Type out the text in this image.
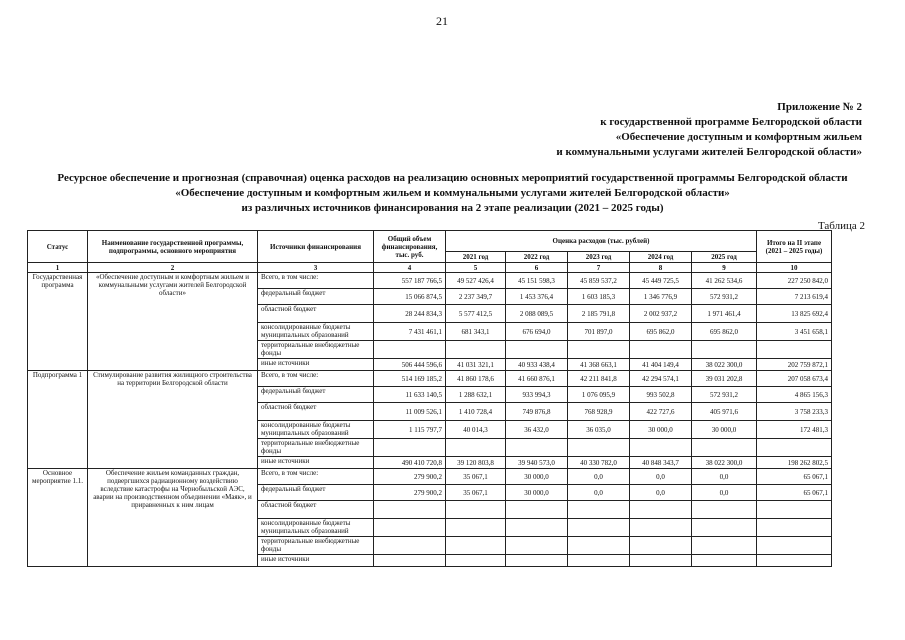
21
Приложение № 2
к государственной программе Белгородской области
«Обеспечение доступным и комфортным жильем
и коммунальными услугами жителей Белгородской области»
Ресурсное обеспечение и прогнозная (справочная) оценка расходов на реализацию основных мероприятий государственной программы Белгородской области
«Обеспечение доступным и комфортным жильем и коммунальными услугами жителей Белгородской области»
из различных источников финансирования на 2 этапе реализации (2021 – 2025 годы)
Таблица 2
Статус	Наименование государственной программы, подпрограммы, основного мероприятия	Источники финансирования	Общий объем финансирования, тыс. руб.	Оценка расходов (тыс. рублей)					Итого на II этапе (2021 – 2025 годы)
				2021 год	2022 год	2023 год	2024 год	2025 год	
1	2	3	4	5	6	7	8	9	10
Государственная программа	«Обеспечение доступным и комфортным жильем и коммунальными услугами жителей Белгородской области»	Всего, в том числе:	557 187 766,5	49 527 426,4	45 151 598,3	45 859 537,2	45 449 725,5	41 262 534,6	227 250 842,0
		федеральный бюджет	15 066 874,5	2 237 349,7	1 453 376,4	1 603 185,3	1 346 776,9	572 931,2	7 213 619,4
		областной бюджет	28 244 834,3	5 577 412,5	2 088 089,5	2 185 791,8	2 002 937,2	1 971 461,4	13 825 692,4
		консолидированные бюджеты муниципальных образований	7 431 461,1	681 343,1	676 694,0	701 897,0	695 862,0	695 862,0	3 451 658,1
		территориальные внебюджетные фонды							
		иные источники	506 444 596,6	41 031 321,1	40 933 438,4	41 368 663,1	41 404 149,4	38 022 300,0	202 759 872,1
Подпрограмма 1	Стимулирование развития жилищного строительства на территории Белгородской области	Всего, в том числе:	514 169 185,2	41 860 178,6	41 660 876,1	42 211 841,8	42 294 574,1	39 031 202,8	207 058 673,4
		федеральный бюджет	11 633 140,5	1 288 632,1	933 994,3	1 076 095,9	993 502,8	572 931,2	4 865 156,3
		областной бюджет	11 009 526,1	1 410 728,4	749 876,8	768 928,9	422 727,6	405 971,6	3 758 233,3
		консолидированные бюджеты муниципальных образований	1 115 797,7	40 014,3	36 432,0	36 035,0	30 000,0	30 000,0	172 481,3
		территориальные внебюджетные фонды							
		иные источники	490 410 720,8	39 120 803,8	39 940 573,0	40 330 782,0	40 848 343,7	38 022 300,0	198 262 802,5
Основное мероприятие 1.1.	Обеспечение жильем команданных граждан, подвергшихся радиационному воздействию вследствие катастрофы на Чернобыльской АЭС, аварии на производственном объединении «Маяк», и приравненных к ним лицам	Всего, в том числе:	279 900,2	35 067,1	30 000,0	0,0	0,0	0,0	65 067,1
		федеральный бюджет	279 900,2	35 067,1	30 000,0	0,0	0,0	0,0	65 067,1
		областной бюджет							
		консолидированные бюджеты муниципальных образований							
		территориальные внебюджетные фонды							
		иные источники							
